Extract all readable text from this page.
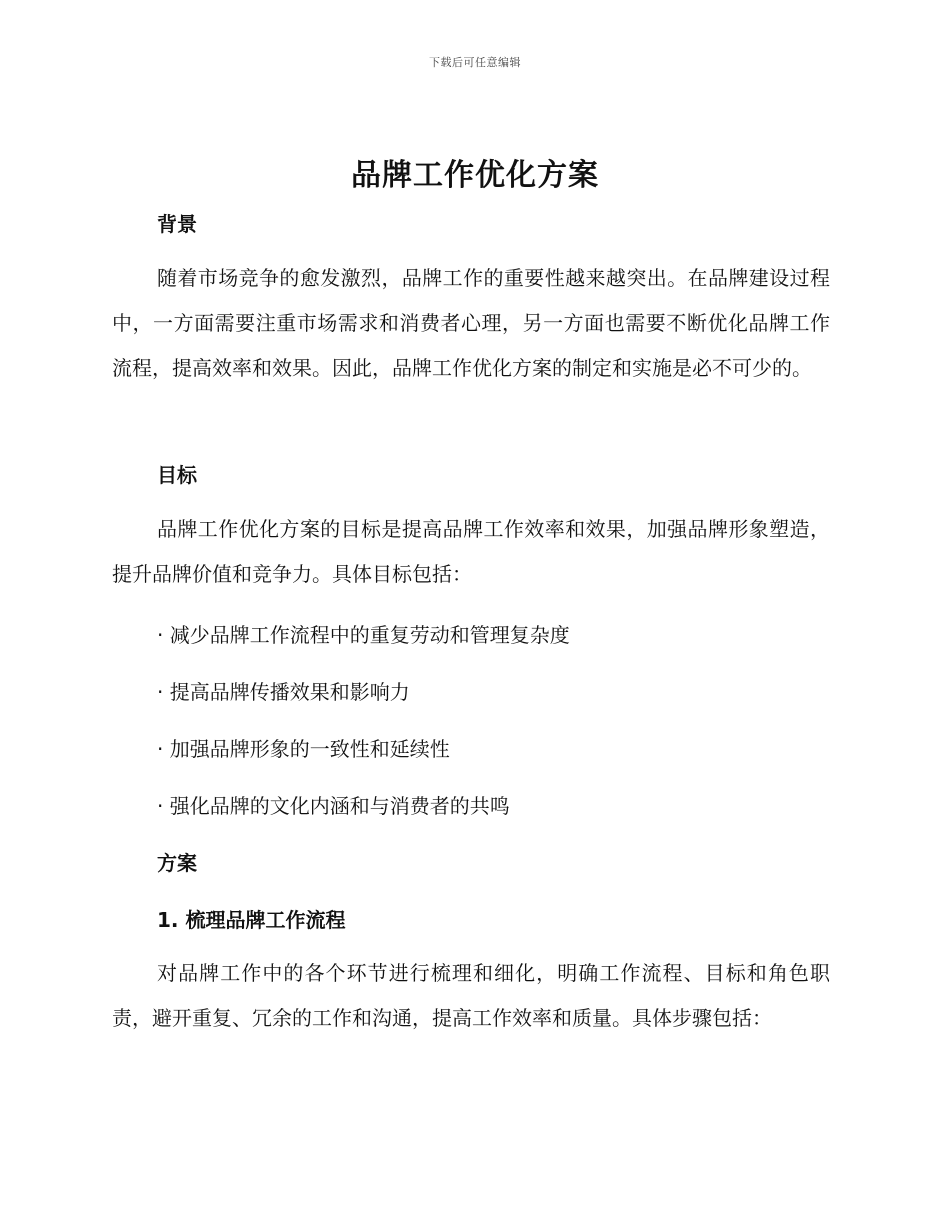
下载后可任意编辑
品牌工作优化方案
背景

随着市场竞争的愈发激烈，品牌工作的重要性越来越突出。在品牌建设过程中，一方面需要注重市场需求和消费者心理，另一方面也需要不断优化品牌工作流程，提高效率和效果。因此，品牌工作优化方案的制定和实施是必不可少的。

目标

品牌工作优化方案的目标是提高品牌工作效率和效果，加强品牌形象塑造，提升品牌价值和竞争力。具体目标包括：

· 减少品牌工作流程中的重复劳动和管理复杂度

· 提高品牌传播效果和影响力

· 加强品牌形象的一致性和延续性

· 强化品牌的文化内涵和与消费者的共鸣

方案
1. 梳理品牌工作流程

对品牌工作中的各个环节进行梳理和细化，明确工作流程、目标和角色职责，避开重复、冗余的工作和沟通，提高工作效率和质量。具体步骤包括：
